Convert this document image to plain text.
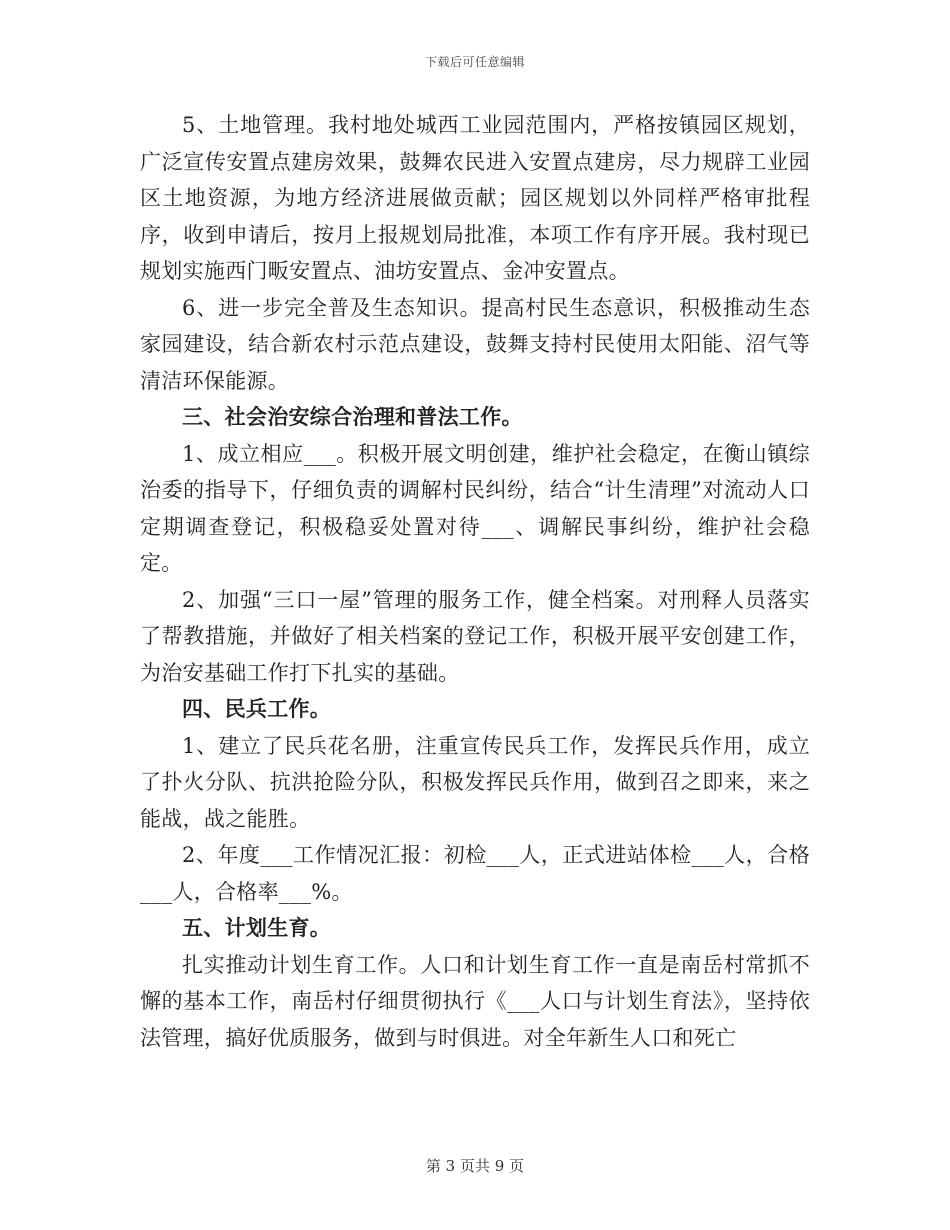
下载后可任意编辑

5、土地管理。我村地处城西工业园范围内，严格按镇园区规划，广泛宣传安置点建房效果，鼓舞农民进入安置点建房，尽力规辟工业园区土地资源，为地方经济进展做贡献；园区规划以外同样严格审批程序，收到申请后，按月上报规划局批准，本项工作有序开展。我村现已规划实施西门畈安置点、油坊安置点、金冲安置点。

6、进一步完全普及生态知识。提高村民生态意识，积极推动生态家园建设，结合新农村示范点建设，鼓舞支持村民使用太阳能、沼气等清洁环保能源。

三、社会治安综合治理和普法工作。

1、成立相应___。积极开展文明创建，维护社会稳定，在衡山镇综治委的指导下，仔细负责的调解村民纠纷，结合“计生清理”对流动人口定期调查登记，积极稳妥处置对待___、调解民事纠纷，维护社会稳定。

2、加强“三口一屋”管理的服务工作，健全档案。对刑释人员落实了帮教措施，并做好了相关档案的登记工作，积极开展平安创建工作，为治安基础工作打下扎实的基础。

四、民兵工作。

1、建立了民兵花名册，注重宣传民兵工作，发挥民兵作用，成立了扑火分队、抗洪抢险分队，积极发挥民兵作用，做到召之即来，来之能战，战之能胜。

2、年度___工作情况汇报：初检___人，正式进站体检___人，合格___人，合格率___%。

五、计划生育。

扎实推动计划生育工作。人口和计划生育工作一直是南岳村常抓不懈的基本工作，南岳村仔细贯彻执行《___人口与计划生育法》，坚持依法管理，搞好优质服务，做到与时俱进。对全年新生人口和死亡

第 3 页共 9 页
